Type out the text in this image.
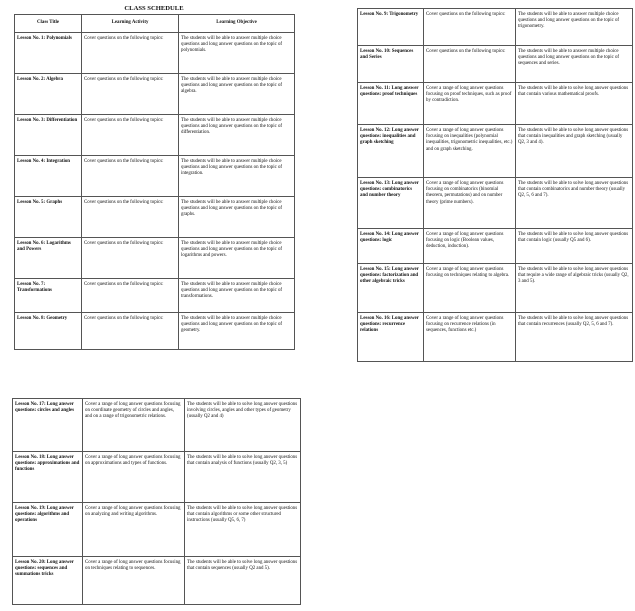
CLASS SCHEDULE
Class Title	Learning Activity	Learning Objective
Lesson No. 1: Polynomials	Cover questions on the following topics:	The students will be able to answer multiple choice questions and long answer questions on the topic of polynomials.
Lesson No. 2: Algebra	Cover questions on the following topics:	The students will be able to answer multiple choice questions and long answer questions on the topic of algebra.
Lesson No. 3: Differentiation	Cover questions on the following topics:	The students will be able to answer multiple choice questions and long answer questions on the topic of differentiation.
Lesson No. 4: Integration	Cover questions on the following topics:	The students will be able to answer multiple choice questions and long answer questions on the topic of integration.
Lesson No. 5: Graphs	Cover questions on the following topics:	The students will be able to answer multiple choice questions and long answer questions on the topic of graphs.
Lesson No. 6: Logarithms and Powers	Cover questions on the following topics:	The students will be able to answer multiple choice questions and long answer questions on the topic of logarithms and powers.
Lesson No. 7: Transformations	Cover questions on the following topics:	The students will be able to answer multiple choice questions and long answer questions on the topic of transformations.
Lesson No. 8: Geometry	Cover questions on the following topics:	The students will be able to answer multiple choice questions and long answer questions on the topic of geometry.
Lesson No. 9: Trigonometry	Cover questions on the following topics:	The students will be able to answer multiple choice questions and long answer questions on the topic of trigonometry.
Lesson No. 10: Sequences and Series	Cover questions on the following topics:	The students will be able to answer multiple choice questions and long answer questions on the topic of sequences and series.
Lesson No. 11: Long answer questions: proof techniques	Cover a range of long answer questions focusing on proof techniques, such as proof by contradiction.	The students will be able to solve long answer questions that contain various mathematical proofs.
Lesson No. 12: Long answer questions: inequalities and graph sketching	Cover a range of long answer questions focusing on inequalities (polynomial inequalities, trigonometric inequalities, etc.) and on graph sketching.	The students will be able to solve long answer questions that contain inequalities and graph sketching (usually Q2, 3 and 4).
Lesson No. 13: Long answer questions: combinatorics and number theory	Cover a range of long answer questions focusing on combinatorics (binomial theorem, permutations) and on number theory (prime numbers).	The students will be able to solve long answer questions that contain combinatorics and number theory (usually Q2, 5, 6 and 7).
Lesson No. 14: Long answer questions: logic	Cover a range of long answer questions focusing on logic (Boolean values, deduction, induction).	The students will be able to solve long answer questions that contain logic (usually Q5 and 6).
Lesson No. 15: Long answer questions: factorization and other algebraic tricks	Cover a range of long answer questions focusing on techniques relating to algebra.	The students will be able to solve long answer questions that require a wide range of algebraic tricks (usually Q2, 3 and 5).
Lesson No. 16: Long answer questions: recurrence relations	Cover a range of long answer questions focusing on recurrence relations (in sequences, functions etc.)	The students will be able to solve long answer questions that contain recurrences (usually Q2, 5, 6 and 7).
Lesson No. 17: Long answer questions: circles and angles	Cover a range of long answer questions focusing on coordinate geometry of circles and angles, and on a range of trigonometric relations.	The students will be able to solve long answer questions involving circles, angles and other types of geometry (usually Q2 and 4)
Lesson No. 18: Long answer questions: approximations and functions	Cover a range of long answer questions focusing on approximations and types of functions.	The students will be able to solve long answer questions that contain analysis of functions (usually Q2, 3, 5)
Lesson No. 19: Long answer questions: algorithms and operations	Cover a range of long answer questions focusing on analyzing and writing algorithms.	The students will be able to solve long answer questions that contain algorithms or some other structured instructions (usually Q5, 6, 7)
Lesson No. 20: Long answer questions: sequences and summations tricks	Cover a range of long answer questions focusing on techniques relating to sequences.	The students will be able to solve long answer questions that contain sequences (usually Q2 and 5).
